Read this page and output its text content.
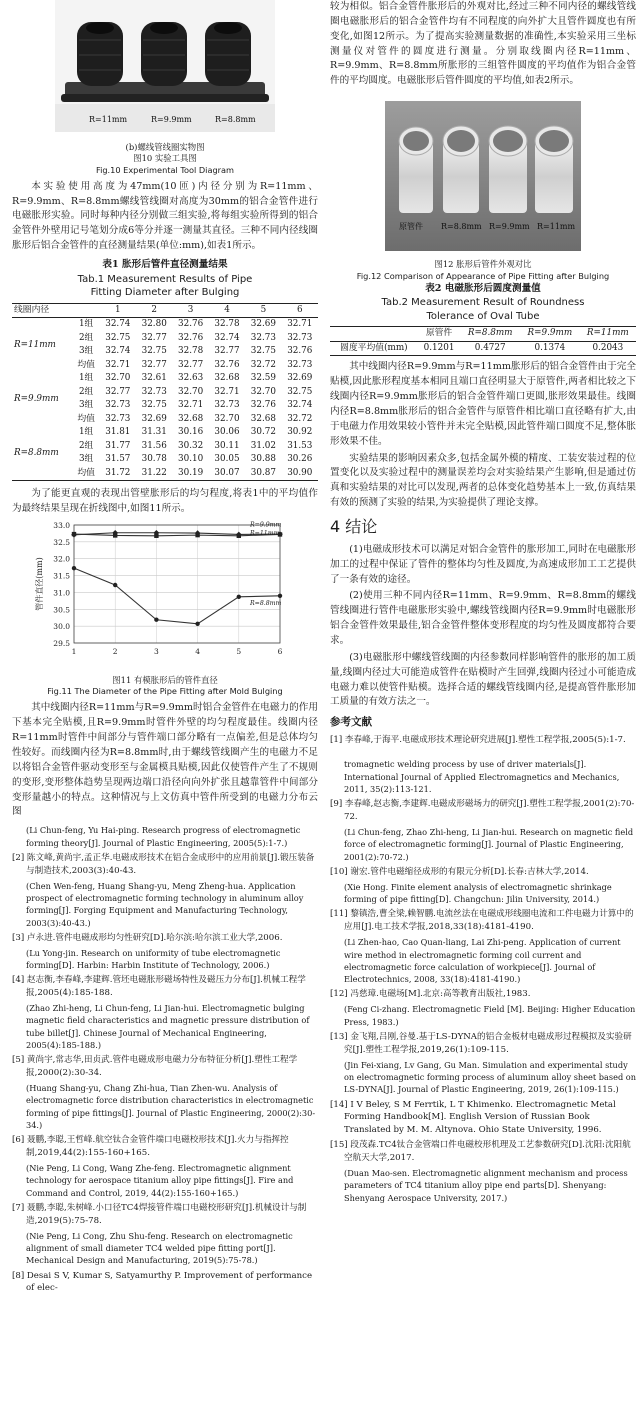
R=11mm	R=9.9mm	R=8.8mm
(b)螺线管线圈实物图
图10 实验工具图
Fig.10 Experimental Tool Diagram

本实验使用高度为47mm(10匝)内径分别为R=11mm、R=9.9mm、R=8.8mm螺线管线圈对高度为30mm的铝合金管件进行电磁胀形实验。同时每种内径分别做三组实验,将每组实验所得到的铝合金管件外壁用记号笔划分成6等分并逐一测量其直径。三种不同内径线圈胀形后铝合金管件的直径测量结果(单位:mm),如表1所示。

表1 胀形后管件直径测量结果
Tab.1 Measurement Results of Pipe
Fitting Diameter after Bulging
线圈内径		1	2	3	4	5	6
R=11mm	1组	32.74	32.80	32.76	32.78	32.69	32.71
	2组	32.75	32.77	32.76	32.74	32.73	32.73
	3组	32.74	32.75	32.78	32.77	32.75	32.76
	均值	32.71	32.77	32.77	32.76	32.72	32.73
R=9.9mm	1组	32.70	32.61	32.63	32.68	32.59	32.69
	2组	32.77	32.73	32.70	32.71	32.70	32.75
	3组	32.73	32.75	32.71	32.73	32.76	32.74
	均值	32.73	32.69	32.68	32.70	32.68	32.72
R=8.8mm	1组	31.81	31.31	30.16	30.06	30.72	30.92
	2组	31.77	31.56	30.32	30.11	31.02	31.53
	3组	31.57	30.78	30.10	30.05	30.88	30.26
	均值	31.72	31.22	30.19	30.07	30.87	30.90

为了能更直观的表现出管壁胀形后的均匀程度,将表1中的平均值作为最终结果呈现在折线图中,如图11所示。

29.5
30.0
30.5
31.0
31.5
32.0
32.5
33.0
1	2	3	4	5	6
管件直径(mm)
R=9.9mm
R=11mm
R=8.8mm
图11 有模胀形后的管件直径
Fig.11 The Diameter of the Pipe Fitting after Mold Bulging

其中线圈内径R=11mm与R=9.9mm时铝合金管件在电磁力的作用下基本完全贴模,且R=9.9mm时管件外壁的均匀程度最佳。线圈内径R=11mm时管件中间部分与管件端口部分略有一点偏差,但是总体均匀性较好。而线圈内径为R=8.8mm时,由于螺线管线圈产生的电磁力不足以将铝合金管件驱动变形至与金属模具贴模,因此仅使管件产生了不规则的变形,变形整体趋势呈现两边端口沿径向向外扩张且越靠管件中间部分变形量越小的特点。这种情况与上文仿真中管件所受到的电磁力分布云图

(Li Chun-feng, Yu Hai-ping. Research progress of electromagnetic forming theory[J]. Journal of Plastic Engineering, 2005(5):1-7.)
[2] 陈文峰,黄尚宇,孟正华.电磁成形技术在铝合金成形中的应用前景[J].锻压装备与制造技术,2003(3):40-43.
(Chen Wen-feng, Huang Shang-yu, Meng Zheng-hua. Application prospect of electromagnetic forming technology in aluminum alloy forming[J]. Forging Equipment and Manufacturing Technology, 2003(3):40-43.)
[3] 卢永进.管件电磁成形均匀性研究[D].哈尔滨:哈尔滨工业大学,2006.
(Lu Yong-jin. Research on uniformity of tube electromagnetic forming[D]. Harbin: Harbin Institute of Technology, 2006.)
[4] 赵志衡,李春峰,李建辉.管坯电磁胀形磁场特性及磁压力分布[J].机械工程学报,2005(4):185-188.
(Zhao Zhi-heng, Li Chun-feng, Li Jian-hui. Electromagnetic bulging magnetic field characteristics and magnetic pressure distribution of tube billet[J]. Chinese Journal of Mechanical Engineering, 2005(4):185-188.)
[5] 黄尚宇,常志华,田贞武.管件电磁成形电磁力分布特征分析[J].塑性工程学报,2000(2):30-34.
(Huang Shang-yu, Chang Zhi-hua, Tian Zhen-wu. Analysis of electromagnetic force distribution characteristics in electromagnetic forming of pipe fittings[J]. Journal of Plastic Engineering, 2000(2):30-34.)
[6] 聂鹏,李聪,王哲峰.航空钛合金管件端口电磁校形技术[J].火力与指挥控制,2019,44(2):155-160+165.
(Nie Peng, Li Cong, Wang Zhe-feng. Electromagnetic alignment technology for aerospace titanium alloy pipe fittings[J]. Fire and Command and Control, 2019, 44(2):155-160+165.)
[7] 聂鹏,李聪,朱树峰.小口径TC4焊接管件端口电磁校形研究[J].机械设计与制造,2019(5):75-78.
(Nie Peng, Li Cong, Zhu Shu-feng. Research on electromagnetic alignment of small diameter TC4 welded pipe fitting port[J]. Mechanical Design and Manufacturing, 2019(5):75-78.)
[8] Desai S V, Kumar S, Satyamurthy P. Improvement of performance of elec-

较为相似。铝合金管件胀形后的外观对比,经过三种不同内径的螺线管线圈电磁胀形后的铝合金管件均有不同程度的向外扩大且管件圆度也有所变化,如图12所示。为了提高实验测量数据的准确性,本实验采用三坐标测量仪对管件的圆度进行测量。分别取线圈内径R=11mm、R=9.9mm、R=8.8mm所胀形的三组管件圆度的平均值作为铝合金管件的平均圆度。电磁胀形后管件圆度的平均值,如表2所示。

原管件 R=8.8mm R=9.9mm R=11mm
图12 胀形后管件外观对比
Fig.12 Comparison of Appearance of Pipe Fitting after Bulging
表2 电磁胀形后圆度测量值
Tab.2 Measurement Result of Roundness
Tolerance of Oval Tube
	原管件	R=8.8mm	R=9.9mm	R=11mm
圆度平均值(mm)	0.1201	0.4727	0.1374	0.2043

其中线圈内径R=9.9mm与R=11mm胀形后的铝合金管件由于完全贴模,因此胀形程度基本相同且端口直径明显大于原管件,两者相比较之下线圈内径R=9.9mm胀形后的铝合金管件端口更圆,胀形效果最佳。线圈内径R=8.8mm胀形后的铝合金管件与原管件相比端口直径略有扩大,由于电磁力作用效果较小管件并未完全贴模,因此管件端口圆度不足,整体胀形效果不佳。

实验结果的影响因素众多,包括金属外模的精度、工装安装过程的位置变化以及实验过程中的测量误差均会对实验结果产生影响,但是通过仿真和实验结果的对比可以发现,两者的总体变化趋势基本上一致,仿真结果有效的预测了实验的结果,为实验提供了理论支撑。

4 结论

(1)电磁成形技术可以满足对铝合金管件的胀形加工,同时在电磁胀形加工的过程中保证了管件的整体均匀性及圆度,为高速成形加工工艺提供了一条有效的途径。

(2)使用三种不同内径R=11mm、R=9.9mm、R=8.8mm的螺线管线圈进行管件电磁胀形实验中,螺线管线圈内径R=9.9mm时电磁胀形铝合金管件效果最佳,铝合金管件整体变形程度的均匀性及圆度都符合要求。

(3)电磁胀形中螺线管线圈的内径参数同样影响管件的胀形的加工质量,线圈内径过大可能造成管件在贴模时产生回弹,线圈内径过小可能造成电磁力难以使管件贴模。选择合适的螺线管线圈内径,是提高管件胀形加工质量的有效方法之一。

参考文献
[1] 李春峰,于海平.电磁成形技术理论研究进展[J].塑性工程学报,2005(5):1-7.
tromagnetic welding process by use of driver materials[J]. International Journal of Applied Electromagnetics and Mechanics, 2011, 35(2):113-121.
[9] 李春峰,赵志衡,李建辉.电磁成形磁场力的研究[J].塑性工程学报,2001(2):70-72.
(Li Chun-feng, Zhao Zhi-heng, Li Jian-hui. Research on magnetic field force of electromagnetic forming[J]. Journal of Plastic Engineering, 2001(2):70-72.)
[10] 谢宏.管件电磁缩径成形的有限元分析[D].长春:吉林大学,2014.
(Xie Hong. Finite element analysis of electromagnetic shrinkage forming of pipe fitting[D]. Changchun: Jilin University, 2014.)
[11] 黎镇浩,曹全梁,赖智鹏.电流丝法在电磁成形线圈电流和工件电磁力计算中的应用[J].电工技术学报,2018,33(18):4181-4190.
(Li Zhen-hao, Cao Quan-liang, Lai Zhi-peng. Application of current wire method in electromagnetic forming coil current and electromagnetic force calculation of workpiece[J]. Journal of Electrotechnics, 2008, 33(18):4181-4190.)
[12] 冯慈璋.电磁场[M].北京:高等教育出版社,1983.
(Feng Ci-zhang. Electromagnetic Field [M]. Beijing: Higher Education Press, 1983.)
[13] 金飞翔,吕刚,谷曼.基于LS-DYNA的铝合金板材电磁成形过程模拟及实验研究[J].塑性工程学报,2019,26(1):109-115.
(Jin Fei-xiang, Lv Gang, Gu Man. Simulation and experimental study on electromagnetic forming process of aluminum alloy sheet based on LS-DYNA[J]. Journal of Plastic Engineering, 2019, 26(1):109-115.)
[14] I V Beley, S M Ferrtik, L T Khimenko. Electromagnetic Metal Forming Handbook[M]. English Version of Russian Book Translated by M. M. Altynova. Ohio State University, 1996.
[15] 段茂森.TC4钛合金管端口件电磁校形机理及工艺参数研究[D].沈阳:沈阳航空航天大学,2017.
(Duan Mao-sen. Electromagnetic alignment mechanism and process parameters of TC4 titanium alloy pipe end parts[D]. Shenyang: Shenyang Aerospace University, 2017.)
